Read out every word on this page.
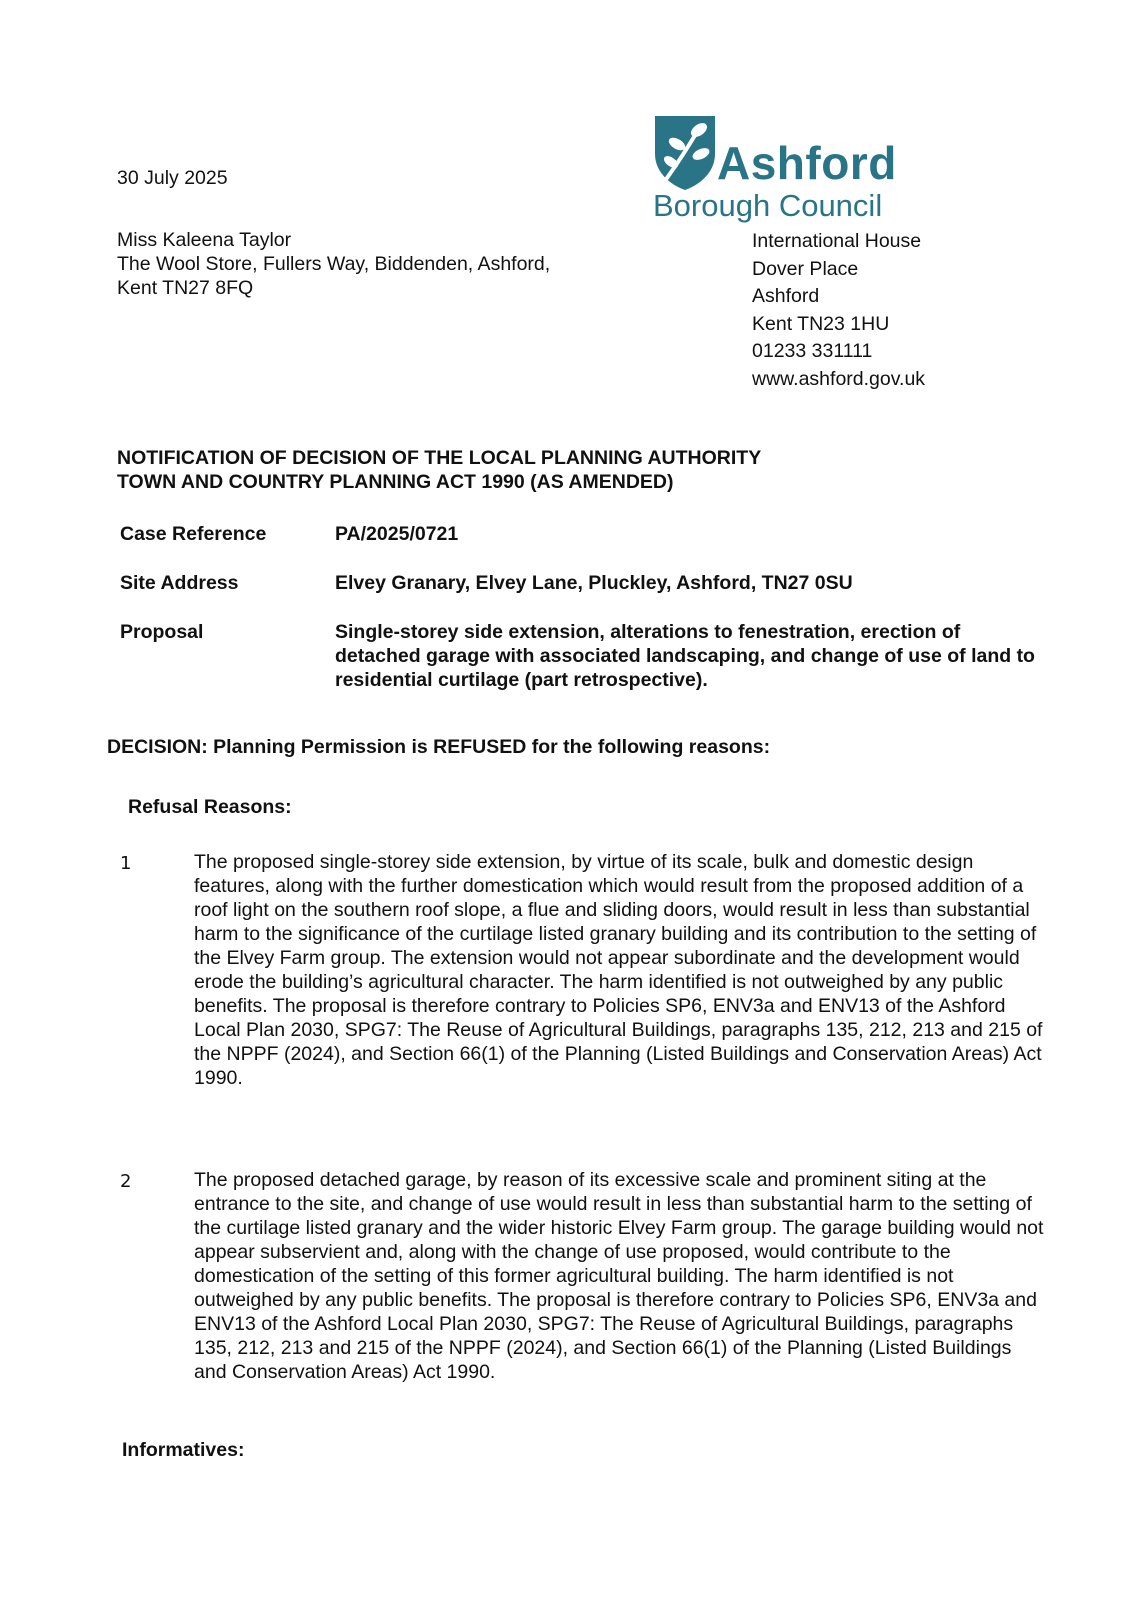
30 July 2025
Miss Kaleena Taylor
The Wool Store, Fullers Way, Biddenden, Ashford,
Kent TN27 8FQ
Ashford
Borough Council
International House
Dover Place
Ashford
Kent TN23 1HU
01233 331111
www.ashford.gov.uk
NOTIFICATION OF DECISION OF THE LOCAL PLANNING AUTHORITY
TOWN AND COUNTRY PLANNING ACT 1990 (AS AMENDED)
Case Reference	PA/2025/0721
Site Address	Elvey Granary, Elvey Lane, Pluckley, Ashford, TN27 0SU
Proposal	Single-storey side extension, alterations to fenestration, erection of detached garage with associated landscaping, and change of use of land to residential curtilage (part retrospective).
DECISION: Planning Permission is REFUSED for the following reasons:
Refusal Reasons:
1	The proposed single-storey side extension, by virtue of its scale, bulk and domestic design features, along with the further domestication which would result from the proposed addition of a roof light on the southern roof slope, a flue and sliding doors, would result in less than substantial harm to the significance of the curtilage listed granary building and its contribution to the setting of the Elvey Farm group. The extension would not appear subordinate and the development would erode the building’s agricultural character. The harm identified is not outweighed by any public benefits. The proposal is therefore contrary to Policies SP6, ENV3a and ENV13 of the Ashford Local Plan 2030, SPG7: The Reuse of Agricultural Buildings, paragraphs 135, 212, 213 and 215 of the NPPF (2024), and Section 66(1) of the Planning (Listed Buildings and Conservation Areas) Act 1990.
2	The proposed detached garage, by reason of its excessive scale and prominent siting at the entrance to the site, and change of use would result in less than substantial harm to the setting of the curtilage listed granary and the wider historic Elvey Farm group. The garage building would not appear subservient and, along with the change of use proposed, would contribute to the domestication of the setting of this former agricultural building. The harm identified is not outweighed by any public benefits. The proposal is therefore contrary to Policies SP6, ENV3a and ENV13 of the Ashford Local Plan 2030, SPG7: The Reuse of Agricultural Buildings, paragraphs 135, 212, 213 and 215 of the NPPF (2024), and Section 66(1) of the Planning (Listed Buildings and Conservation Areas) Act 1990.
Informatives:
